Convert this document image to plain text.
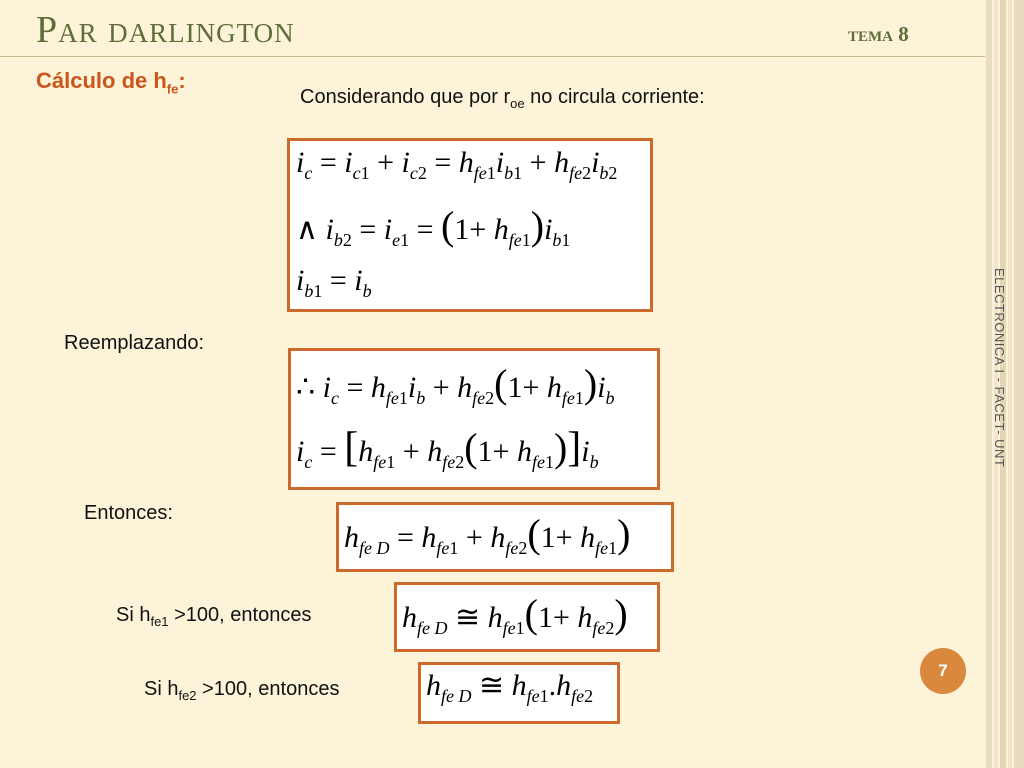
Par darlington	tema 8
Cálculo de $h_{fe}$:
Considerando que por $r_{oe}$ no circula corriente:
$i_c = i_{c1} + i_{c2} = h_{fe1}i_{b1} + h_{fe2}i_{b2}$
∧ $i_{b2} = i_{e1} = (1+ h_{fe1})i_{b1}$
$i_{b1} = i_b$
Reemplazando:
∴ $i_c = h_{fe1}i_b + h_{fe2}(1+ h_{fe1})i_b$
$i_c = [h_{fe1} + h_{fe2}(1+ h_{fe1})]i_b$
Entonces:
$h_{fe D} = h_{fe1} + h_{fe2}(1+ h_{fe1})$
Si $h_{fe1} >100$, entonces	$h_{fe D}$ ≅ $h_{fe1}(1+ h_{fe2})$
Si $h_{fe2} >100$, entonces	$h_{fe D}$ ≅ $h_{fe1}.h_{fe2}$
ELECTRONICA I - FACET- UNT
7
